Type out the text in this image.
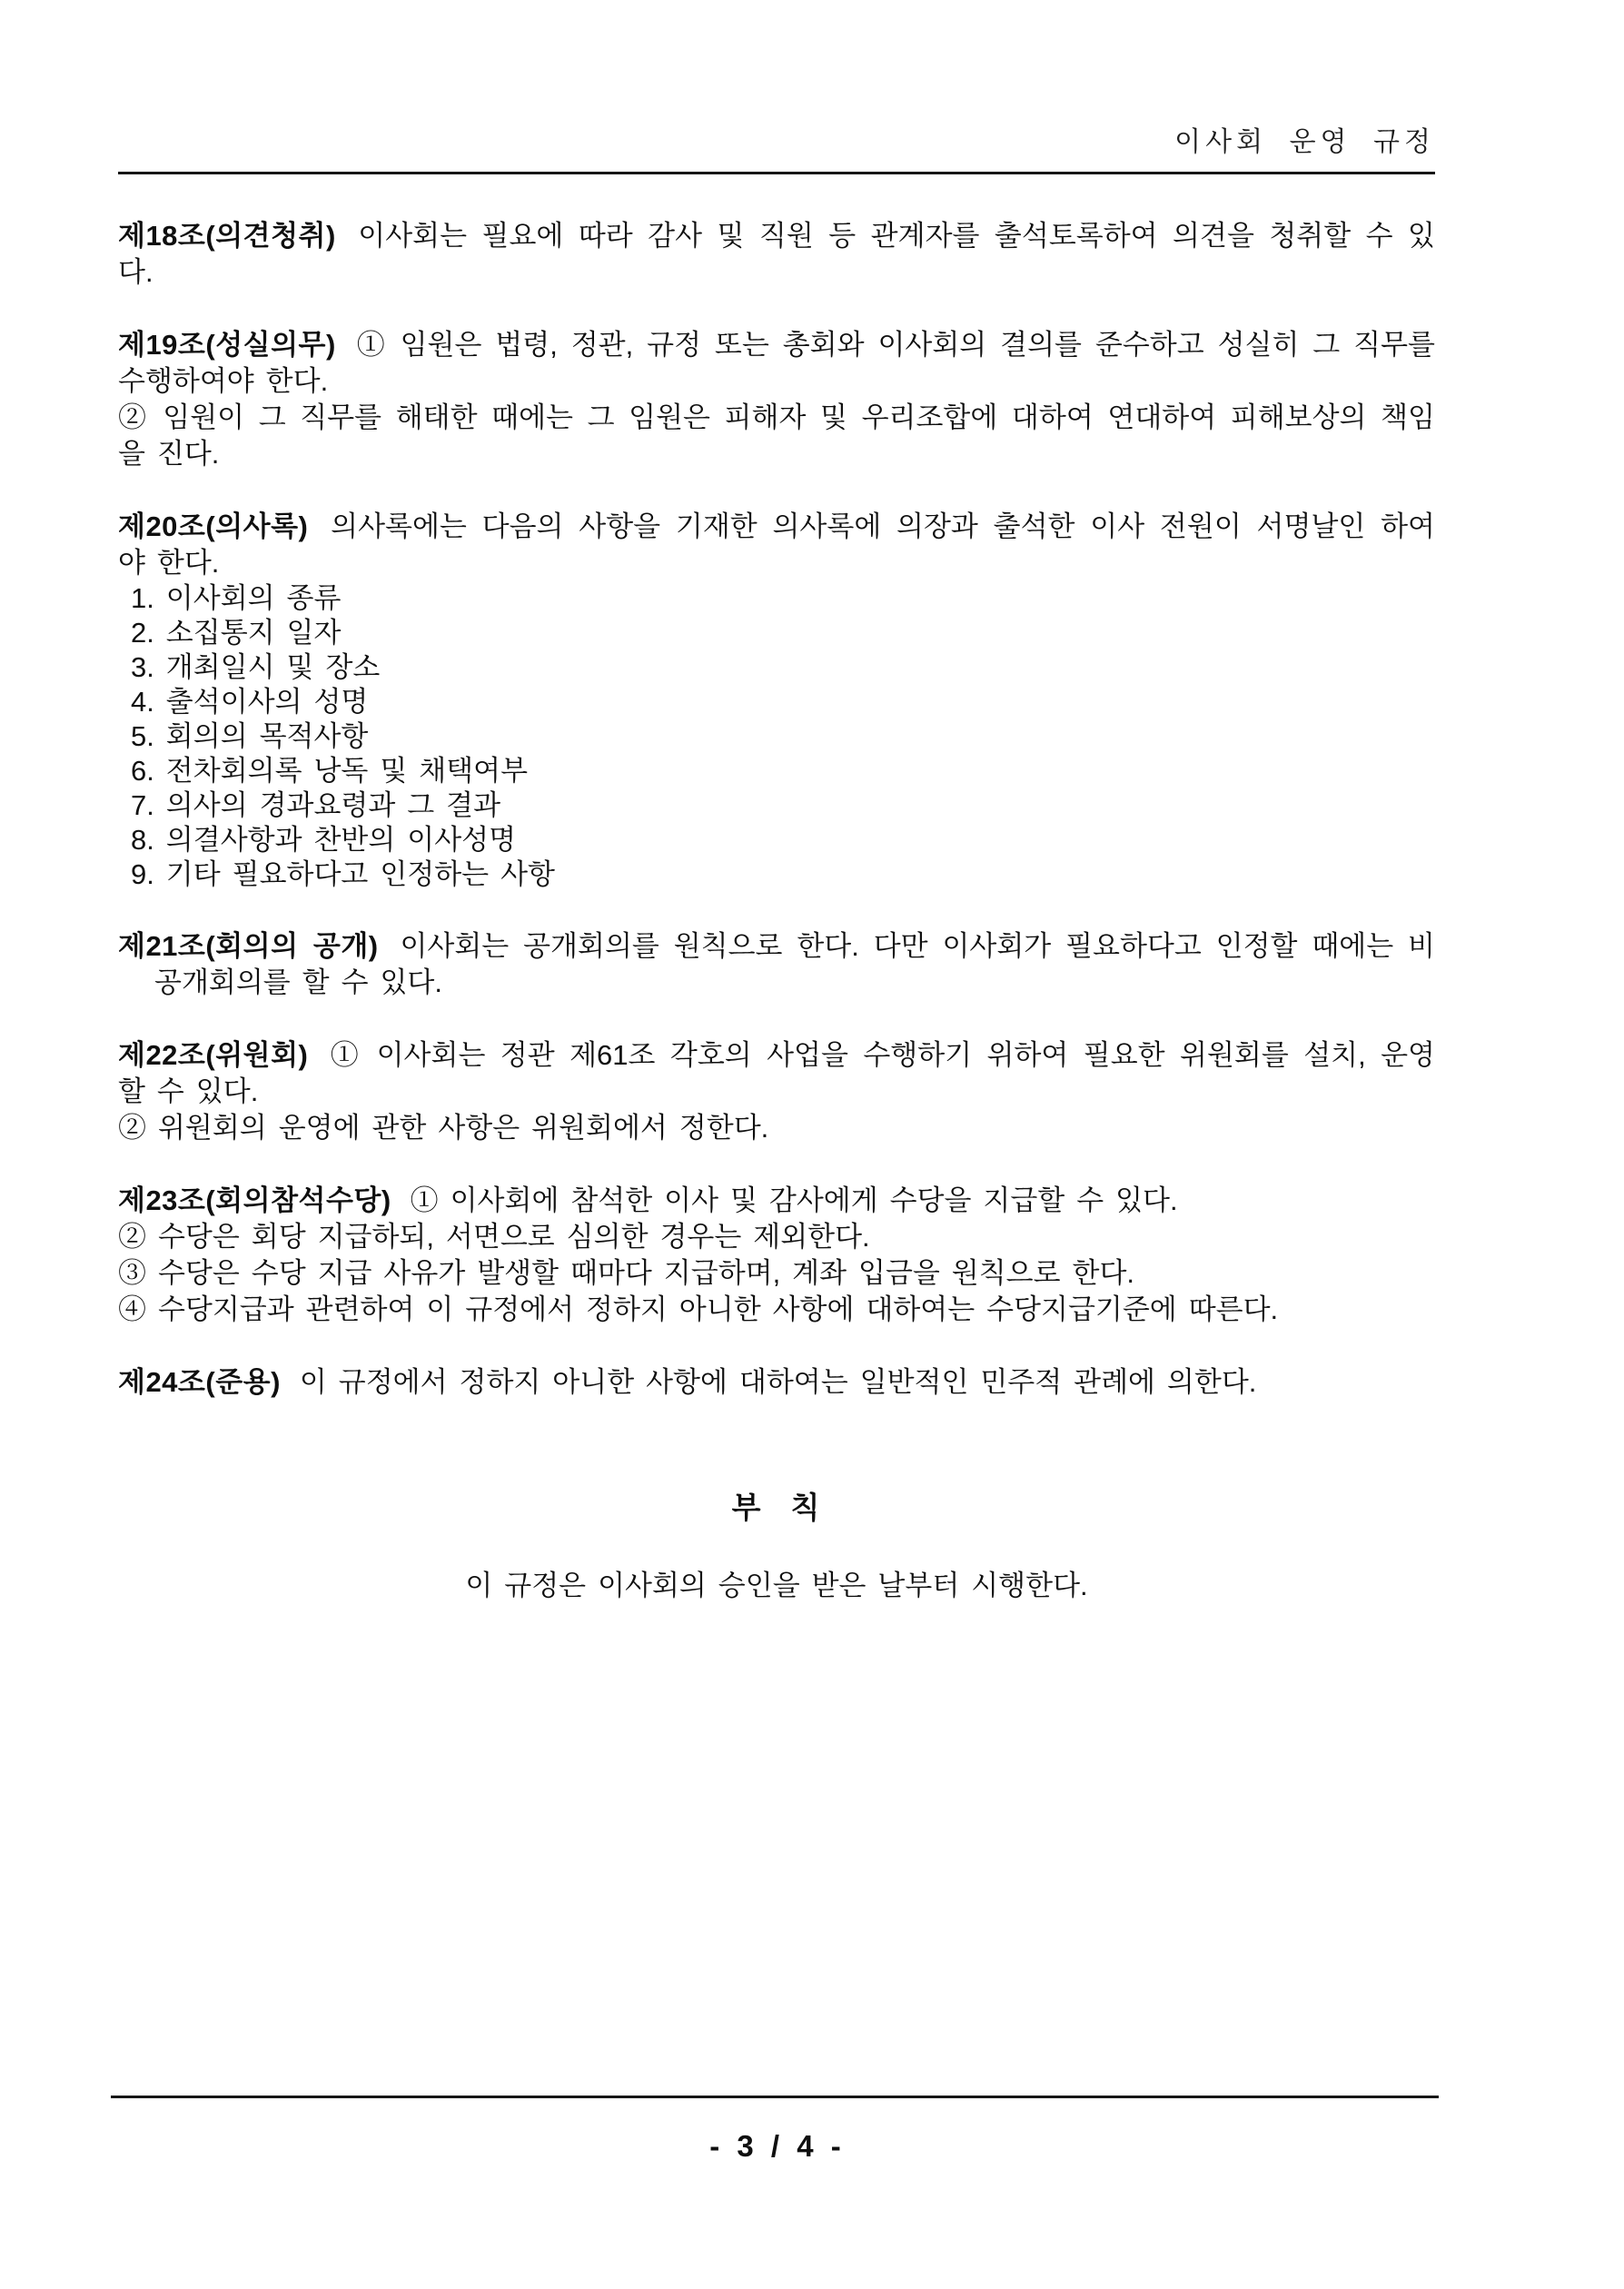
이사회 운영 규정
제18조(의견청취) 이사회는 필요에 따라 감사 및 직원 등 관계자를 출석토록하여 의견을 청취할 수 있
다.
제19조(성실의무) ① 임원은 법령, 정관, 규정 또는 총회와 이사회의 결의를 준수하고 성실히 그 직무를
수행하여야 한다.
② 임원이 그 직무를 해태한 때에는 그 임원은 피해자 및 우리조합에 대하여 연대하여 피해보상의 책임
을 진다.
제20조(의사록) 의사록에는 다음의 사항을 기재한 의사록에 의장과 출석한 이사 전원이 서명날인 하여
야 한다.
1. 이사회의 종류
2. 소집통지 일자
3. 개최일시 및 장소
4. 출석이사의 성명
5. 회의의 목적사항
6. 전차회의록 낭독 및 채택여부
7. 의사의 경과요령과 그 결과
8. 의결사항과 찬반의 이사성명
9. 기타 필요하다고 인정하는 사항
제21조(회의의 공개) 이사회는 공개회의를 원칙으로 한다. 다만 이사회가 필요하다고 인정할 때에는 비
공개회의를 할 수 있다.
제22조(위원회) ① 이사회는 정관 제61조 각호의 사업을 수행하기 위하여 필요한 위원회를 설치, 운영
할 수 있다.
② 위원회의 운영에 관한 사항은 위원회에서 정한다.
제23조(회의참석수당) ① 이사회에 참석한 이사 및 감사에게 수당을 지급할 수 있다.
② 수당은 회당 지급하되, 서면으로 심의한 경우는 제외한다.
③ 수당은 수당 지급 사유가 발생할 때마다 지급하며, 계좌 입금을 원칙으로 한다.
④ 수당지급과 관련하여 이 규정에서 정하지 아니한 사항에 대하여는 수당지급기준에 따른다.
제24조(준용) 이 규정에서 정하지 아니한 사항에 대하여는 일반적인 민주적 관례에 의한다.
부  칙
이 규정은 이사회의 승인을 받은 날부터 시행한다.
- 3 / 4 -
